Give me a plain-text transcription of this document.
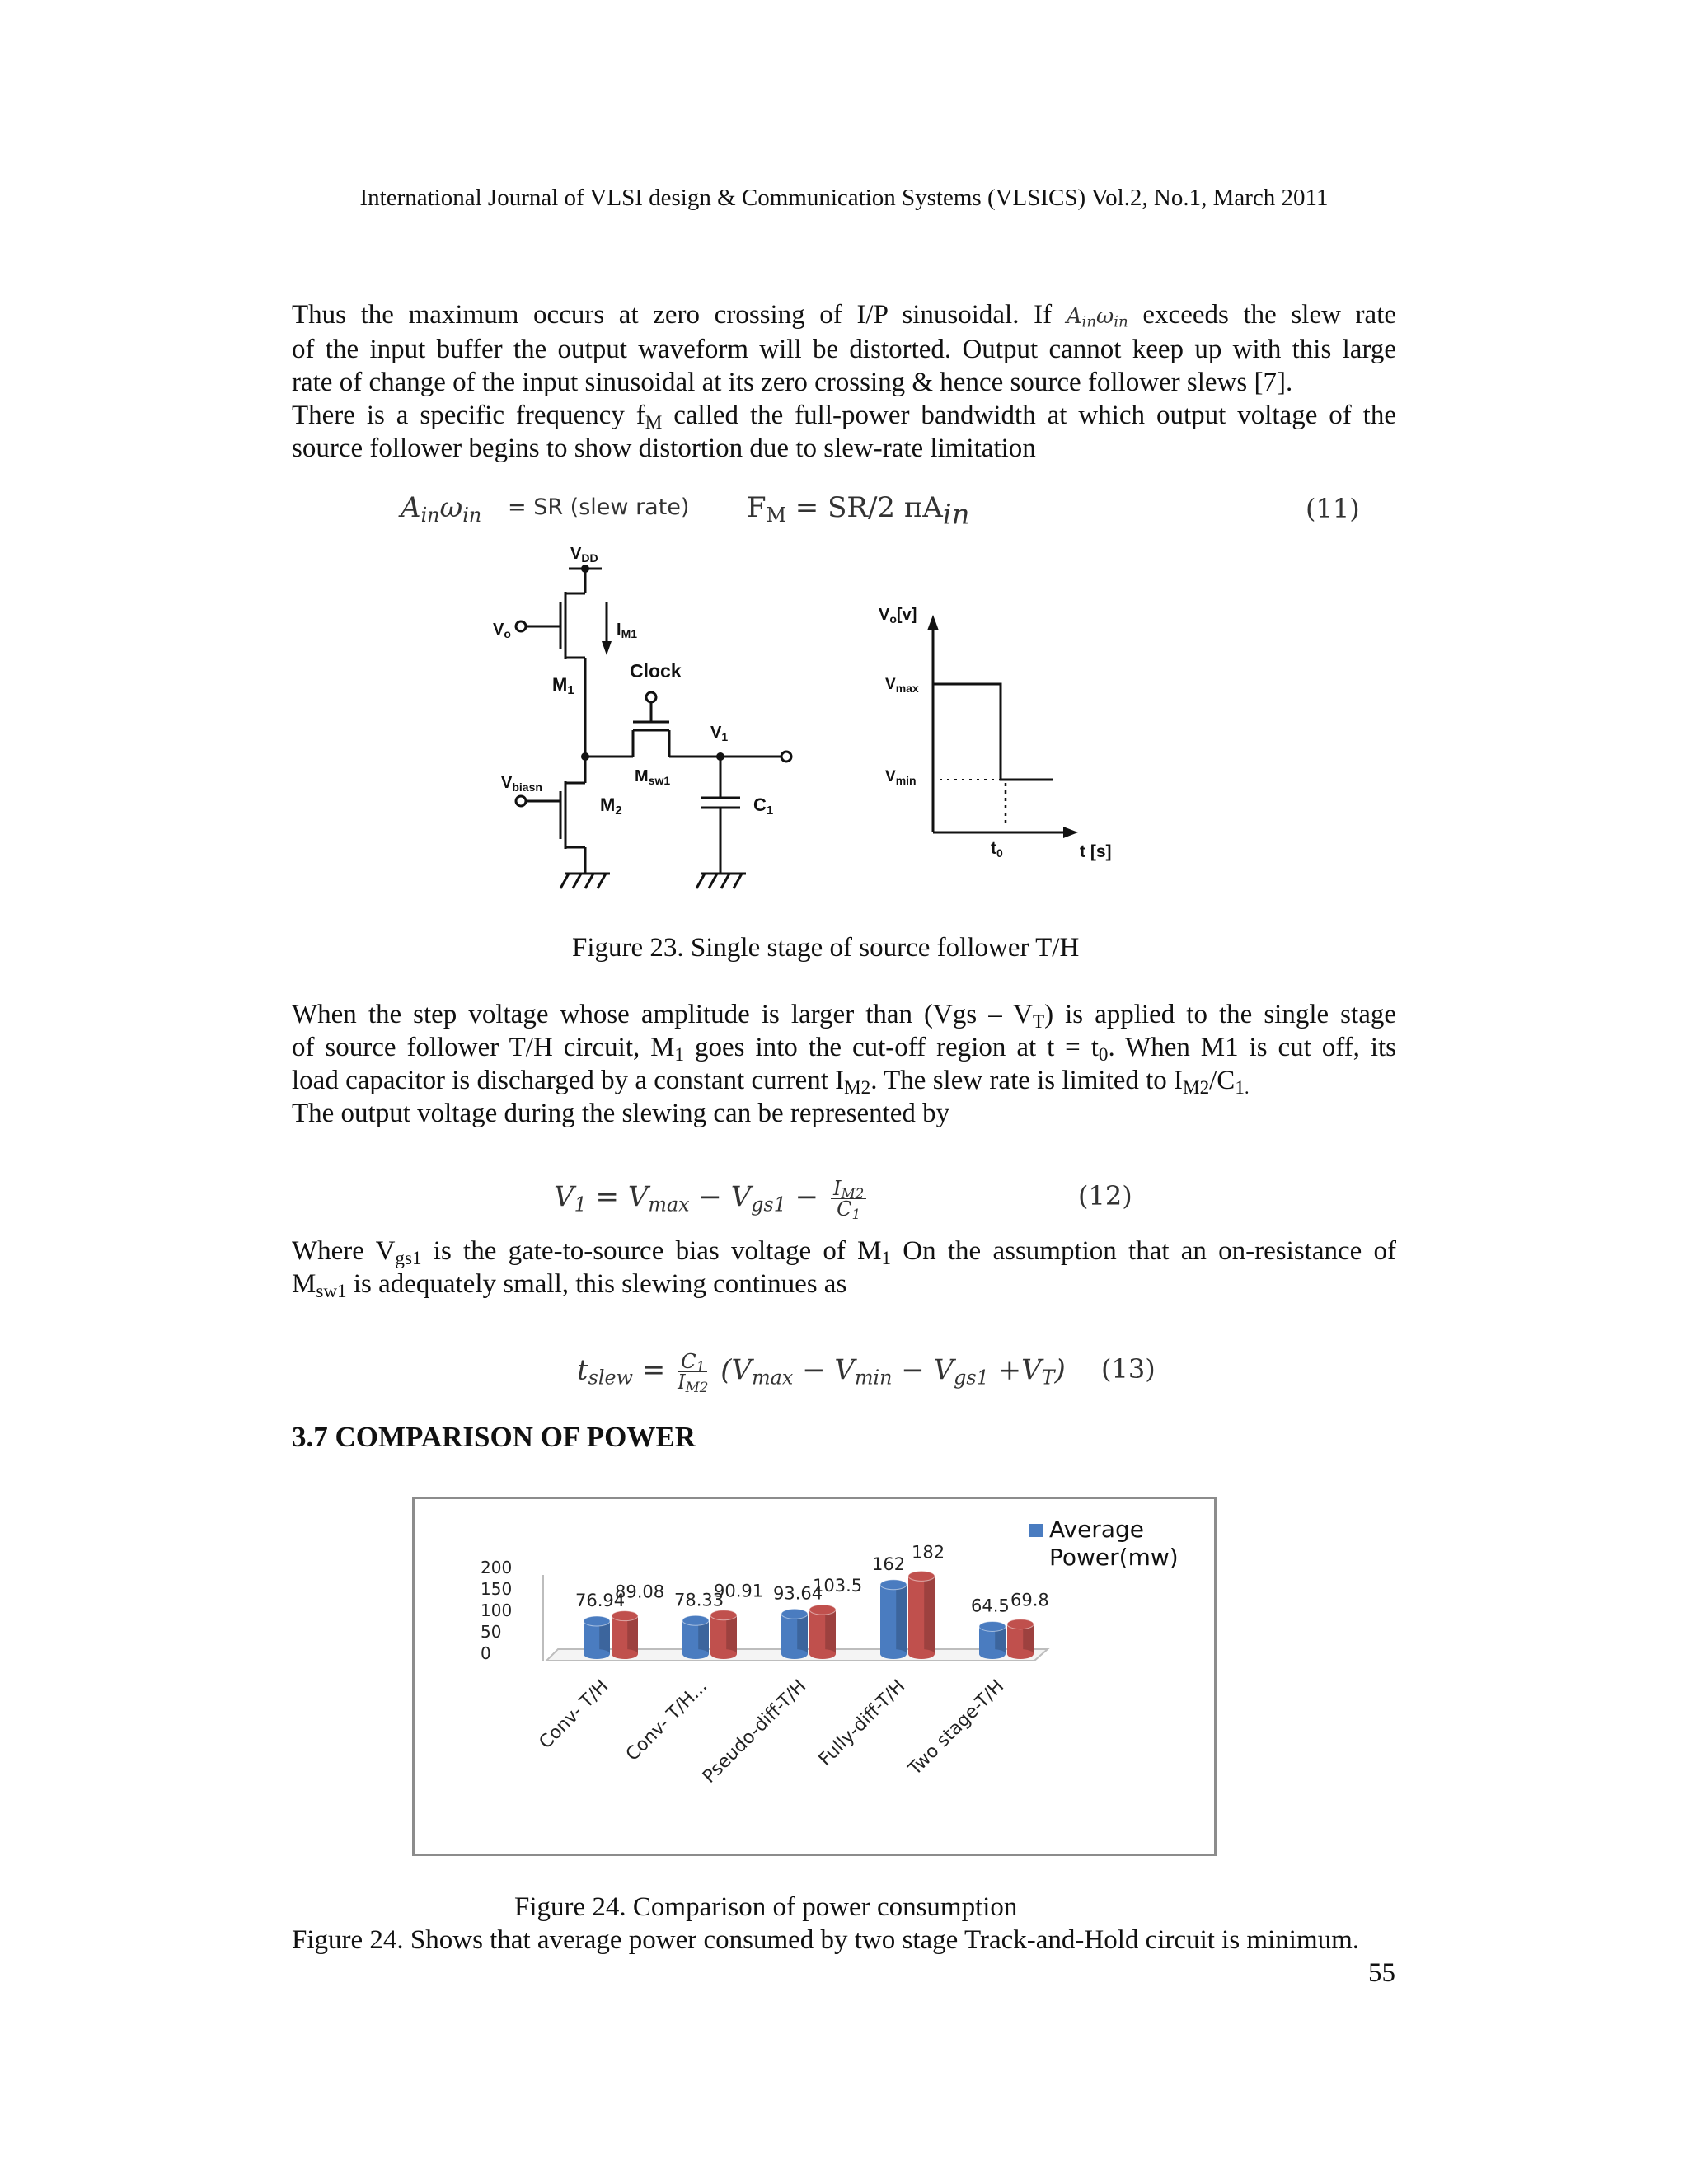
International Journal of VLSI design & Communication Systems (VLSICS) Vol.2, No.1, March 2011
Thus the maximum occurs at zero crossing of I/P sinusoidal. If $A_{in}\omega_{in}$ exceeds the slew rate
of the input buffer the output waveform will be distorted. Output cannot keep up with this large
rate of change of the input sinusoidal at its zero crossing & hence source follower slews [7].
There is a specific frequency $f_M$ called the full-power bandwidth at which output voltage of the
source follower begins to show distortion due to slew-rate limitation
$A_{in}\omega_{in}$ = SR (slew rate) $F_M = SR/2$ $\pi A_{in}$	(11)
$V_{DD}$
$V_o$	$I_{M1}$
M1
Clock
$V_1$
$V_{biasn}$
$M_{sw1}$
M2	C1
$V_o[v]$
$V_{max}$
$V_{min}$
t0	t [s]
Figure 23. Single stage of source follower T/H
When the step voltage whose amplitude is larger than $(Vgs - V_T)$ is applied to the single stage
of source follower T/H circuit, $M_1$ goes into the cut-off region at $t = t_0$. When M1 is cut off, its
load capacitor is discharged by a constant current $I_{M2}$. The slew rate is limited to $I_{M2}/C_{1.}$
The output voltage during the slewing can be represented by
$V_1 = V_{max} - V_{gs1} - \frac{I_{M2}}{C_1}$	(12)
Where $V_{gs1}$ is the gate-to-source bias voltage of $M_1$ On the assumption that an on-resistance of
$M_{sw1}$ is adequately small, this slewing continues as
$t_{slew} = \frac{C_1}{I_{M2}} (V_{max} - V_{min} - V_{gs1} +V_T)$ (13)
3.7 COMPARISON OF POWER
200
150
100
50
0
76.94
89.08
Conv- T/H
78.33
90.91
Conv- T/H...
93.64
103.5
Pseudo-diff-T/H
162
182
Fully-diff-T/H
64.5 69.8
Two stage-T/H
Average
Power(mw)
Figure 24. Comparison of power consumption
Figure 24. Shows that average power consumed by two stage Track-and-Hold circuit is minimum.
55
